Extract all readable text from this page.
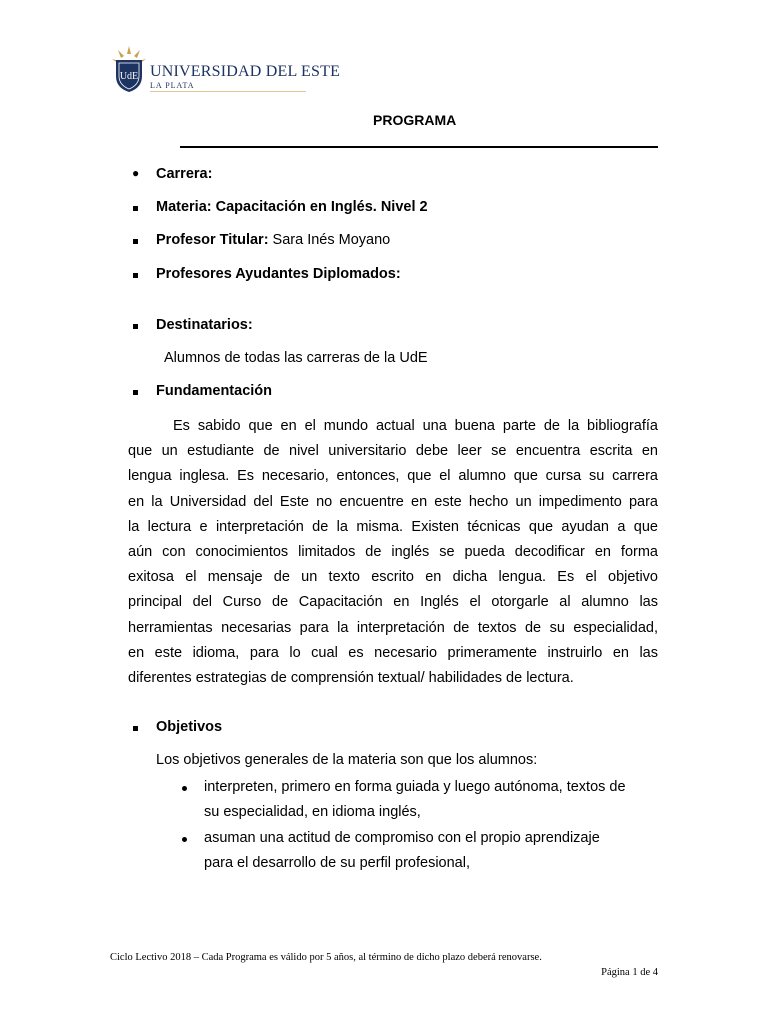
UdE UNIVERSIDAD DEL ESTE
LA PLATA
PROGRAMA
● Carrera:
Materia: Capacitación en Inglés. Nivel 2
Profesor Titular: Sara Inés Moyano
Profesores Ayudantes Diplomados:
Destinatarios:
Alumnos de todas las carreras de la UdE
Fundamentación
Es sabido que en el mundo actual una buena parte de la bibliografía
que un estudiante de nivel universitario debe leer se encuentra escrita en
lengua inglesa. Es necesario, entonces, que el alumno que cursa su carrera
en la Universidad del Este no encuentre en este hecho un impedimento para
la lectura e interpretación de la misma. Existen técnicas que ayudan a que
aún con conocimientos limitados de inglés se pueda decodificar en forma
exitosa el mensaje de un texto escrito en dicha lengua. Es el objetivo
principal del Curso de Capacitación en Inglés el otorgarle al alumno las
herramientas necesarias para la interpretación de textos de su especialidad,
en este idioma, para lo cual es necesario primeramente instruirlo en las
diferentes estrategias de comprensión textual/ habilidades de lectura.
Objetivos
Los objetivos generales de la materia son que los alumnos:
interpreten, primero en forma guiada y luego autónoma, textos de
su especialidad, en idioma inglés,
asuman una actitud de compromiso con el propio aprendizaje
para el desarrollo de su perfil profesional,
Ciclo Lectivo 2018 – Cada Programa es válido por 5 años, al término de dicho plazo deberá renovarse.
Página 1 de 4
